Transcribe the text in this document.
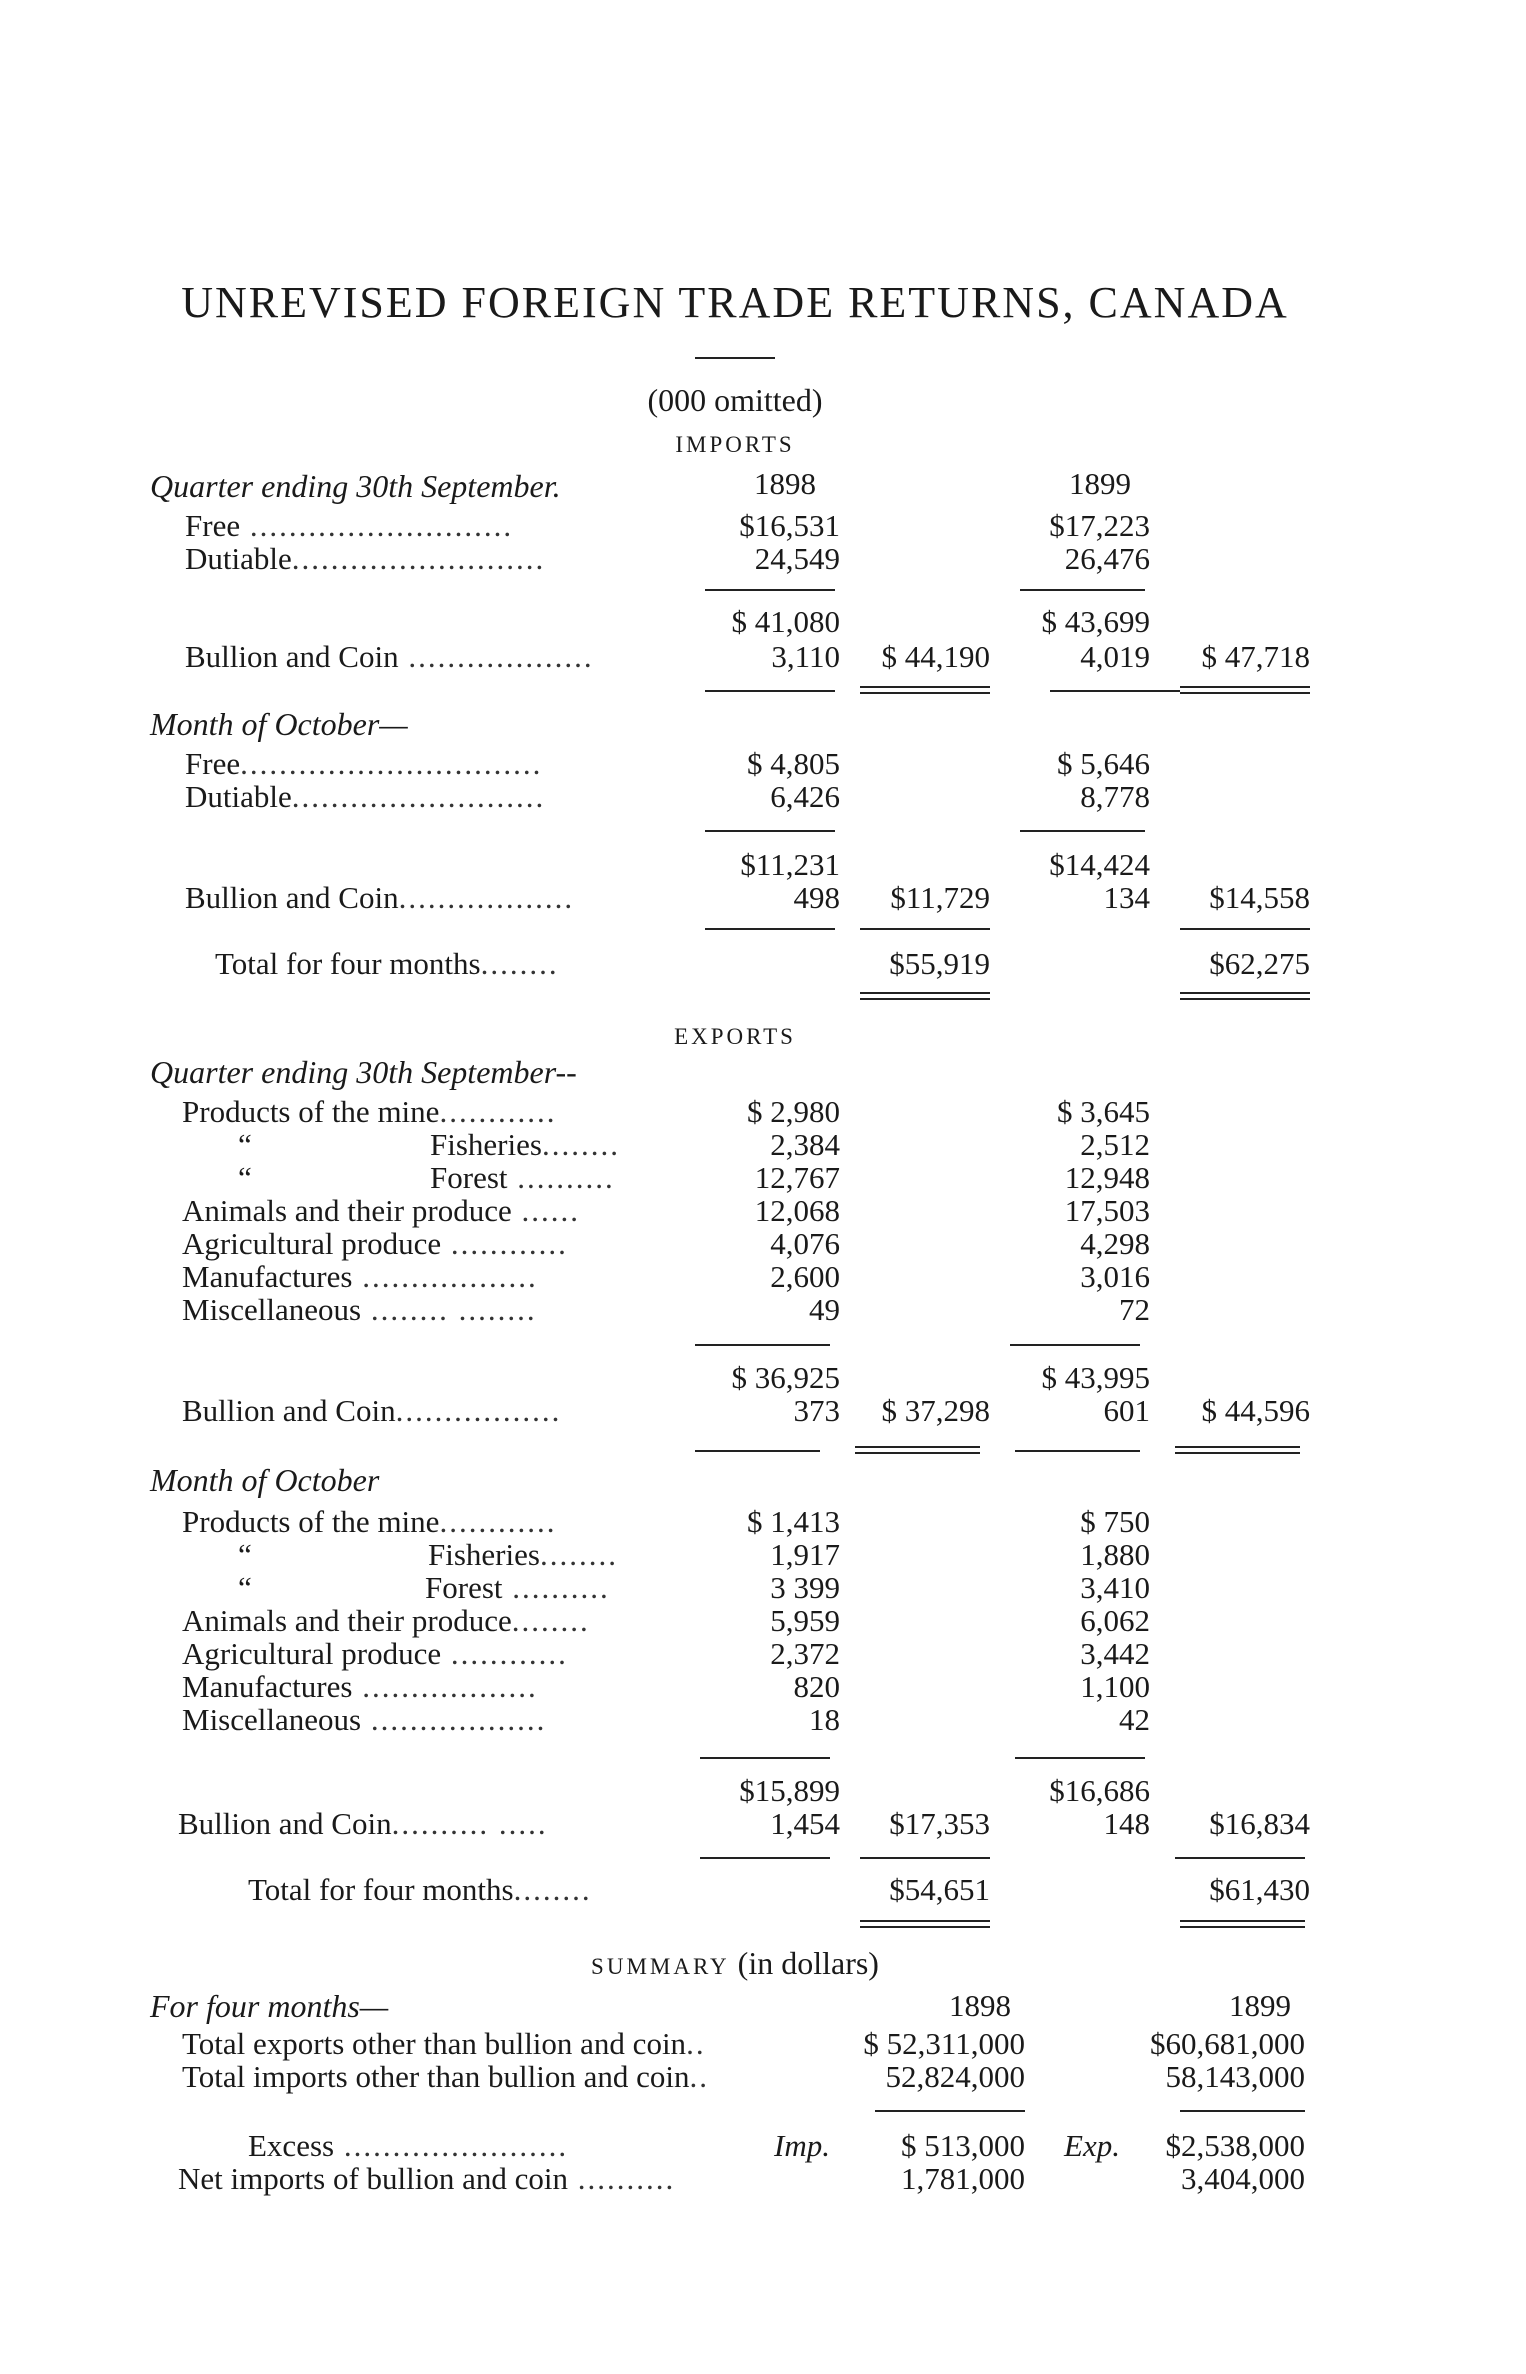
UNREVISED FOREIGN TRADE RETURNS, CANADA
(000 omitted)
IMPORTS
Quarter ending 30th September.	1898	1899
Free ...........................	$16,531	$17,223
Dutiable..........................	24,549	26,476
$ 41,080	$ 43,699
Bullion and Coin ...................	3,110	$ 44,190	4,019	$ 47,718
Month of October—
Free...............................	$ 4,805	$ 5,646
Dutiable..........................	6,426	8,778
$11,231	$14,424
Bullion and Coin..................	498	$11,729	134	$14,558
Total for four months........	$55,919	$62,275
EXPORTS
Quarter ending 30th September--
Products of the mine............	$ 2,980	$ 3,645
“	Fisheries........	2,384	2,512
“	Forest ..........	12,767	12,948
Animals and their produce ......	12,068	17,503
Agricultural produce ............	4,076	4,298
Manufactures ..................	2,600	3,016
Miscellaneous ........ ........	49	72
$ 36,925	$ 43,995
Bullion and Coin.................	373	$ 37,298	601	$ 44,596
Month of October
Products of the mine............	$ 1,413	$ 750
“	Fisheries........	1,917	1,880
“	Forest ..........	3 399	3,410
Animals and their produce........	5,959	6,062
Agricultural produce ............	2,372	3,442
Manufactures ..................	820	1,100
Miscellaneous ..................	18	42
$15,899	$16,686
Bullion and Coin.......... .....	1,454	$17,353	148	$16,834
Total for four months........	$54,651	$61,430
SUMMARY (in dollars)
For four months—	1898	1899
Total exports other than bullion and coin..	$ 52,311,000	$60,681,000
Total imports other than bullion and coin..	52,824,000	58,143,000
Excess .......................	Imp.	$ 513,000	Exp.	$2,538,000
Net imports of bullion and coin ..........	1,781,000	3,404,000
